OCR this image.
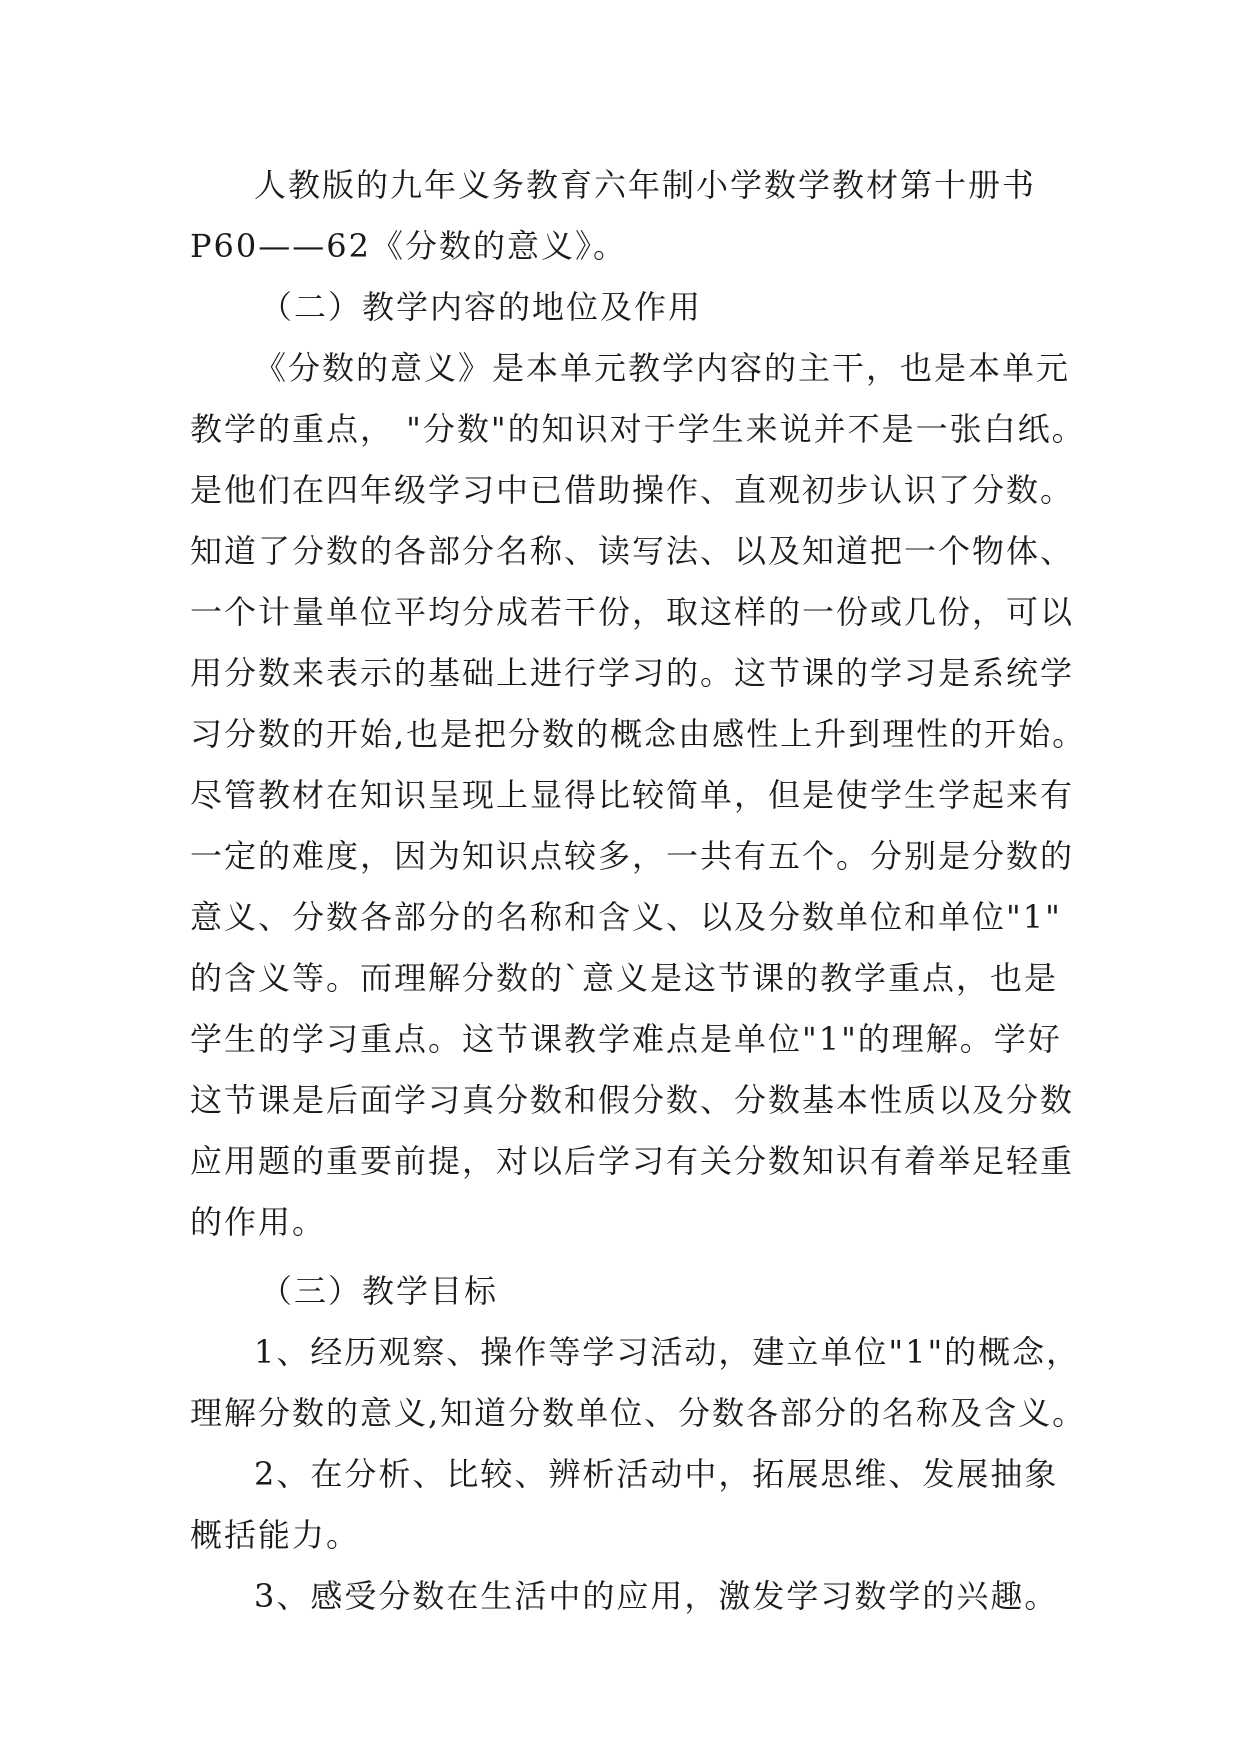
人教版的九年义务教育六年制小学数学教材第十册书
P60——62《分数的意义》。
（二）教学内容的地位及作用
《分数的意义》是本单元教学内容的主干，也是本单元
教学的重点， "分数"的知识对于学生来说并不是一张白纸。
是他们在四年级学习中已借助操作、直观初步认识了分数。
知道了分数的各部分名称、读写法、以及知道把一个物体、
一个计量单位平均分成若干份，取这样的一份或几份，可以
用分数来表示的基础上进行学习的。这节课的学习是系统学
习分数的开始,也是把分数的概念由感性上升到理性的开始。
尽管教材在知识呈现上显得比较简单，但是使学生学起来有
一定的难度，因为知识点较多，一共有五个。分别是分数的
意义、分数各部分的名称和含义、以及分数单位和单位"1"
的含义等。而理解分数的`意义是这节课的教学重点，也是
学生的学习重点。这节课教学难点是单位"1"的理解。学好
这节课是后面学习真分数和假分数、分数基本性质以及分数
应用题的重要前提，对以后学习有关分数知识有着举足轻重
的作用。
（三）教学目标
1、经历观察、操作等学习活动，建立单位"1"的概念，
理解分数的意义,知道分数单位、分数各部分的名称及含义。
2、在分析、比较、辨析活动中，拓展思维、发展抽象
概括能力。
3、感受分数在生活中的应用，激发学习数学的兴趣。
